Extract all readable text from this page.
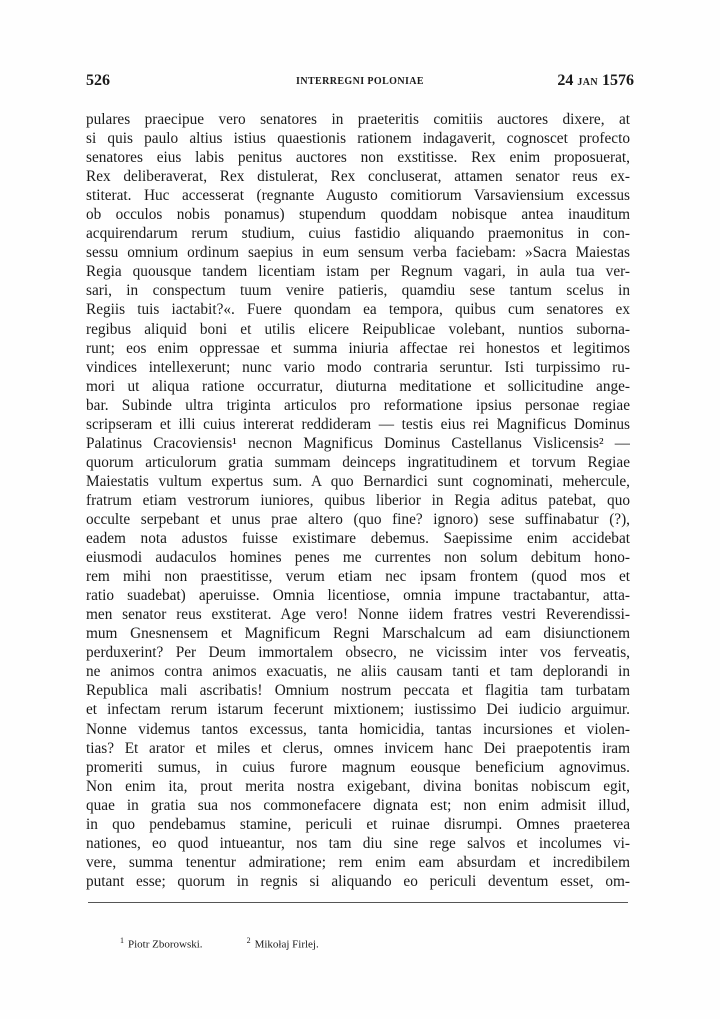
526	INTERREGNI POLONIAE	24 JAN 1576
pulares praecipue vero senatores in praeteritis comitiis auctores dixere, at
si quis paulo altius istius quaestionis rationem indagaverit, cognoscet profecto
senatores eius labis penitus auctores non exstitisse. Rex enim proposuerat,
Rex deliberaverat, Rex distulerat, Rex concluserat, attamen senator reus ex-
stiterat. Huc accesserat (regnante Augusto comitiorum Varsaviensium excessus
ob occulos nobis ponamus) stupendum quoddam nobisque antea inauditum
acquirendarum rerum studium, cuius fastidio aliquando praemonitus in con-
sessu omnium ordinum saepius in eum sensum verba faciebam: »Sacra Maiestas
Regia quousque tandem licentiam istam per Regnum vagari, in aula tua ver-
sari, in conspectum tuum venire patieris, quamdiu sese tantum scelus in
Regiis tuis iactabit?«. Fuere quondam ea tempora, quibus cum senatores ex
regibus aliquid boni et utilis elicere Reipublicae volebant, nuntios suborna-
runt; eos enim oppressae et summa iniuria affectae rei honestos et legitimos
vindices intellexerunt; nunc vario modo contraria seruntur. Isti turpissimo ru-
mori ut aliqua ratione occurratur, diuturna meditatione et sollicitudine ange-
bar. Subinde ultra triginta articulos pro reformatione ipsius personae regiae
scripseram et illi cuius intererat reddideram — testis eius rei Magnificus Dominus
Palatinus Cracoviensis¹ necnon Magnificus Dominus Castellanus Vislicensis² —
quorum articulorum gratia summam deinceps ingratitudinem et torvum Regiae
Maiestatis vultum expertus sum. A quo Bernardici sunt cognominati, mehercule,
fratrum etiam vestrorum iuniores, quibus liberior in Regia aditus patebat, quo
occulte serpebant et unus prae altero (quo fine? ignoro) sese suffinabatur (?),
eadem nota adustos fuisse existimare debemus. Saepissime enim accidebat
eiusmodi audaculos homines penes me currentes non solum debitum hono-
rem mihi non praestitisse, verum etiam nec ipsam frontem (quod mos et
ratio suadebat) aperuisse. Omnia licentiose, omnia impune tractabantur, atta-
men senator reus exstiterat. Age vero! Nonne iidem fratres vestri Reverendissi-
mum Gnesnensem et Magnificum Regni Marschalcum ad eam disiunctionem
perduxerint? Per Deum immortalem obsecro, ne vicissim inter vos ferveatis,
ne animos contra animos exacuatis, ne aliis causam tanti et tam deplorandi in
Republica mali ascribatis! Omnium nostrum peccata et flagitia tam turbatam
et infectam rerum istarum fecerunt mixtionem; iustissimo Dei iudicio arguimur.
Nonne videmus tantos excessus, tanta homicidia, tantas incursiones et violen-
tias? Et arator et miles et clerus, omnes invicem hanc Dei praepotentis iram
promeriti sumus, in cuius furore magnum eousque beneficium agnovimus.
Non enim ita, prout merita nostra exigebant, divina bonitas nobiscum egit,
quae in gratia sua nos commonefacere dignata est; non enim admisit illud,
in quo pendebamus stamine, periculi et ruinae disrumpi. Omnes praeterea
nationes, eo quod intueantur, nos tam diu sine rege salvos et incolumes vi-
vere, summa tenentur admiratione; rem enim eam absurdam et incredibilem
putant esse; quorum in regnis si aliquando eo periculi deventum esset, om-
$^1$ Piotr Zborowski.	$^2$ Mikołaj Firlej.
